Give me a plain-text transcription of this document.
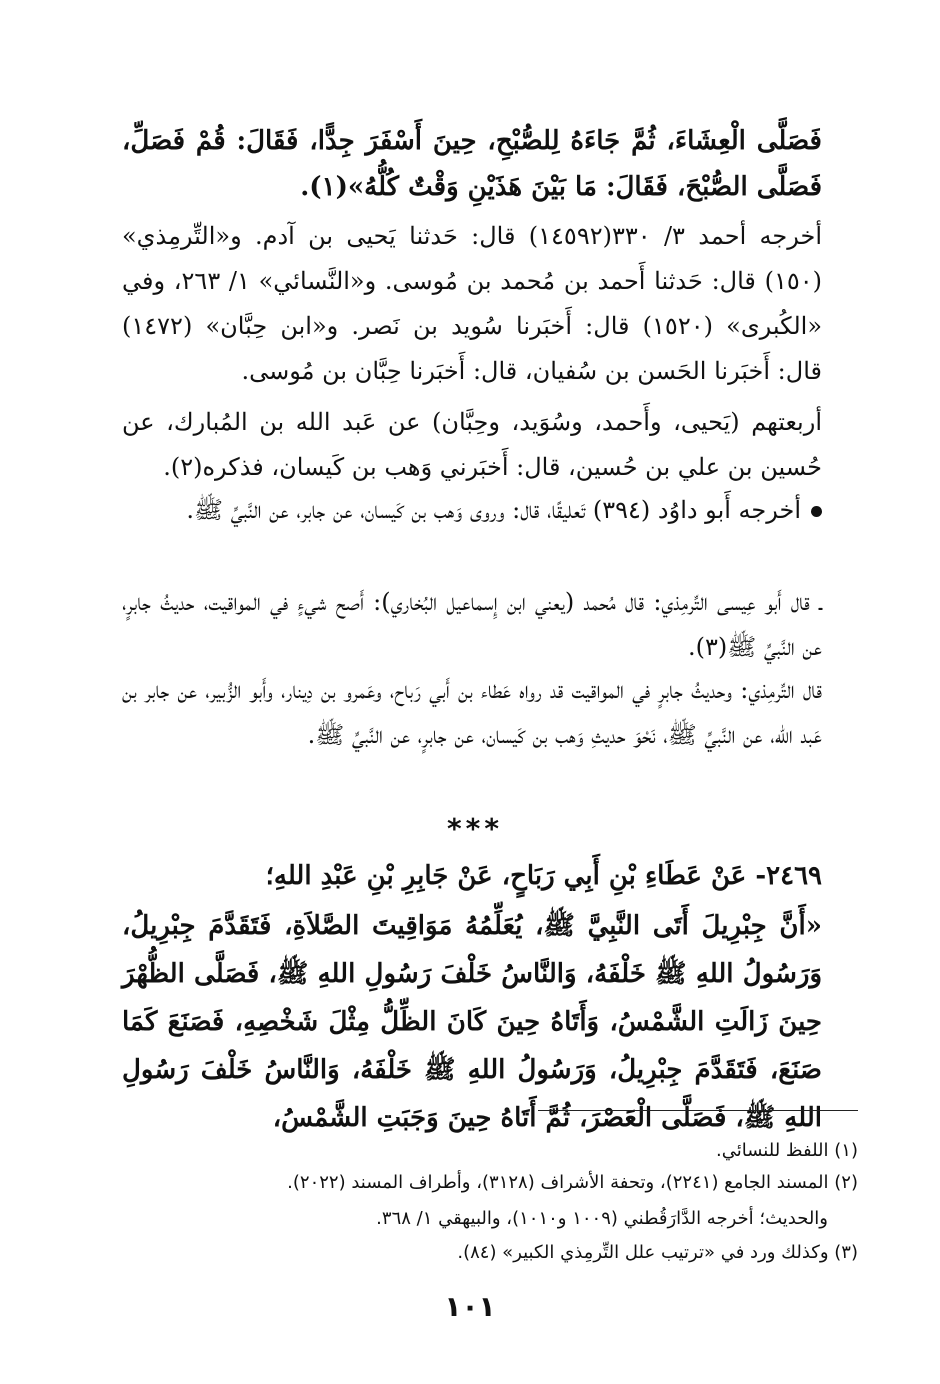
فَصَلَّى الْعِشَاءَ، ثُمَّ جَاءَهُ لِلصُّبْحِ، حِينَ أَسْفَرَ جِدًّا، فَقَالَ: قُمْ فَصَلِّ، فَصَلَّى الصُّبْحَ، فَقَالَ: مَا بَيْنَ هَذَيْنِ وَقْتٌ كُلُّهُ»(١).

أخرجه أحمد ٣/ ٣٣٠(١٤٥٩٢) قال: حَدثنا يَحيى بن آدم. و«التِّرمِذي» (١٥٠) قال: حَدثنا أَحمد بن مُحمد بن مُوسى. و«النَّسائي» ١/ ٢٦٣، وفي «الكُبرى» (١٥٢٠) قال: أَخبَرنا سُويد بن نَصر. و«ابن حِبَّان» (١٤٧٢) قال: أَخبَرنا الحَسن بن سُفيان، قال: أَخبَرنا حِبَّان بن مُوسى.

أربعتهم (يَحيى، وأَحمد، وسُوَيد، وحِبَّان) عن عَبد الله بن المُبارك، عن حُسين بن علي بن حُسين، قال: أَخبَرني وَهب بن كَيسان، فذكره(٢).

أخرجه أَبو داوُد (٣٩٤) تَعليقًا، قال: وروى وَهب بن كَيسان، عن جابر، عن النَّبيِّ ﷺ.

ـ قال أَبو عِيسى التِّرمِذي: قال مُحمد (يعني ابن إِسماعيل البُخاري): أَصح شيءٍ في المواقيت، حديثُ جابرٍ، عن النَّبيِّ ﷺ(٣).

قال التِّرمِذي: وحديثُ جابرٍ في المواقيت قد رواه عَطاء بن أَبي رَباح، وعَمرو بن دِينار، وأَبو الزُّبير، عن جابر بن عَبد الله، عن النَّبيِّ ﷺ، نَحْوَ حديثِ وَهب بن كَيسان، عن جابرٍ، عن النَّبيِّ ﷺ.

***

٢٤٦٩- عَنْ عَطَاءِ بْنِ أَبِي رَبَاحٍ، عَنْ جَابِرِ بْنِ عَبْدِ اللهِ؛

«أَنَّ جِبْرِيلَ أَتَى النَّبِيَّ ﷺ، يُعَلِّمُهُ مَوَاقِيتَ الصَّلاَةِ، فَتَقَدَّمَ جِبْرِيلُ، وَرَسُولُ اللهِ ﷺ خَلْفَهُ، وَالنَّاسُ خَلْفَ رَسُولِ اللهِ ﷺ، فَصَلَّى الظُّهْرَ حِينَ زَالَتِ الشَّمْسُ، وَأَتَاهُ حِينَ كَانَ الظِّلُّ مِثْلَ شَخْصِهِ، فَصَنَعَ كَمَا صَنَعَ، فَتَقَدَّمَ جِبْرِيلُ، وَرَسُولُ اللهِ ﷺ خَلْفَهُ، وَالنَّاسُ خَلْفَ رَسُولِ اللهِ ﷺ، فَصَلَّى الْعَصْرَ، ثُمَّ أَتَاهُ حِينَ وَجَبَتِ الشَّمْسُ،

(١) اللفظ للنسائي.

(٢) المسند الجامع (٢٢٤١)، وتحفة الأشراف (٣١٢٨)، وأطراف المسند (٢٠٢٢).

والحديث؛ أخرجه الدَّارَقُطني (١٠٠٩ و١٠١٠)، والبيهقي ١/ ٣٦٨.

(٣) وكذلك ورد في «ترتيب علل التِّرمِذي الكبير» (٨٤).

١٠١
